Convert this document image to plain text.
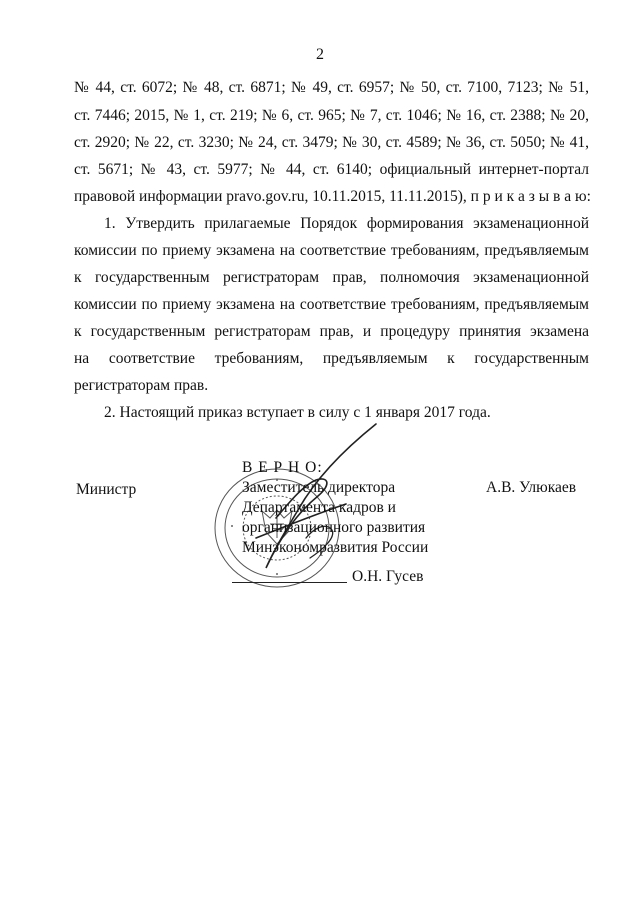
2
№ 44, ст. 6072; № 48, ст. 6871; № 49, ст. 6957; № 50, ст. 7100, 7123; № 51,
ст. 7446; 2015, № 1, ст. 219; № 6, ст. 965; № 7, ст. 1046; № 16, ст. 2388; № 20,
ст. 2920; № 22, ст. 3230; № 24, ст. 3479; № 30, ст. 4589; № 36, ст. 5050; № 41,
ст. 5671; № 43, ст. 5977; № 44, ст. 6140; официальный интернет-портал
правовой информации pravo.gov.ru, 10.11.2015, 11.11.2015), п р и к а з ы в а ю:
1. Утвердить прилагаемые Порядок формирования экзаменационной
комиссии по приему экзамена на соответствие требованиям, предъявляемым
к государственным регистраторам прав, полномочия экзаменационной
комиссии по приему экзамена на соответствие требованиям, предъявляемым
к государственным регистраторам прав, и процедуру принятия экзамена
на соответствие требованиям, предъявляемым к государственным
регистраторам прав.
2. Настоящий приказ вступает в силу с 1 января 2017 года.
Министр	А.В. Улюкаев
В Е Р Н О:
Заместитель директора
Департамента кадров и
организационного развития
Минэкономразвития России
О.Н. Гусев
